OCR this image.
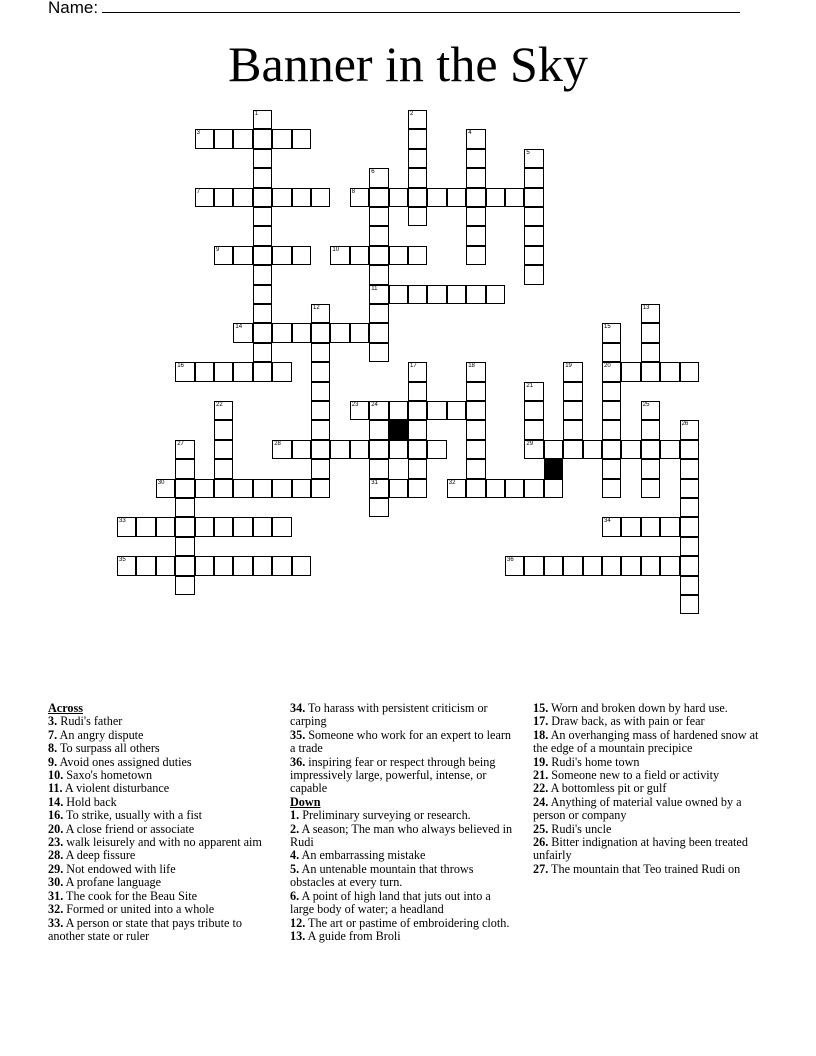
Name:
Banner in the Sky
1	2
3	4
5
6
11
7	8
9	10
12	13
14	15
20
16	17	18	19
21
22	23 24
31
25
26
27	28	29
30	32
33	34
35	36
Across

3. Rudi's father

7. An angry dispute

8. To surpass all others

9. Avoid ones assigned duties

10. Saxo's hometown

11. A violent disturbance

14. Hold back

16. To strike, usually with a fist

20. A close friend or associate

23. walk leisurely and with no apparent aim

28. A deep fissure

29. Not endowed with life

30. A profane language

31. The cook for the Beau Site

32. Formed or united into a whole

33. A person or state that pays tribute to another state or ruler

34. To harass with persistent criticism or carping

35. Someone who work for an expert to learn a trade

36. inspiring fear or respect through being impressively large, powerful, intense, or capable

Down

1. Preliminary surveying or research.

2. A season; The man who always believed in Rudi

4. An embarrassing mistake

5. An untenable mountain that throws obstacles at every turn.

6. A point of high land that juts out into a large body of water; a headland

12. The art or pastime of embroidering cloth.

13. A guide from Broli

15. Worn and broken down by hard use.

17. Draw back, as with pain or fear

18. An overhanging mass of hardened snow at the edge of a mountain precipice

19. Rudi's home town

21. Someone new to a field or activity

22. A bottomless pit or gulf

24. Anything of material value owned by a person or company

25. Rudi's uncle

26. Bitter indignation at having been treated unfairly

27. The mountain that Teo trained Rudi on
